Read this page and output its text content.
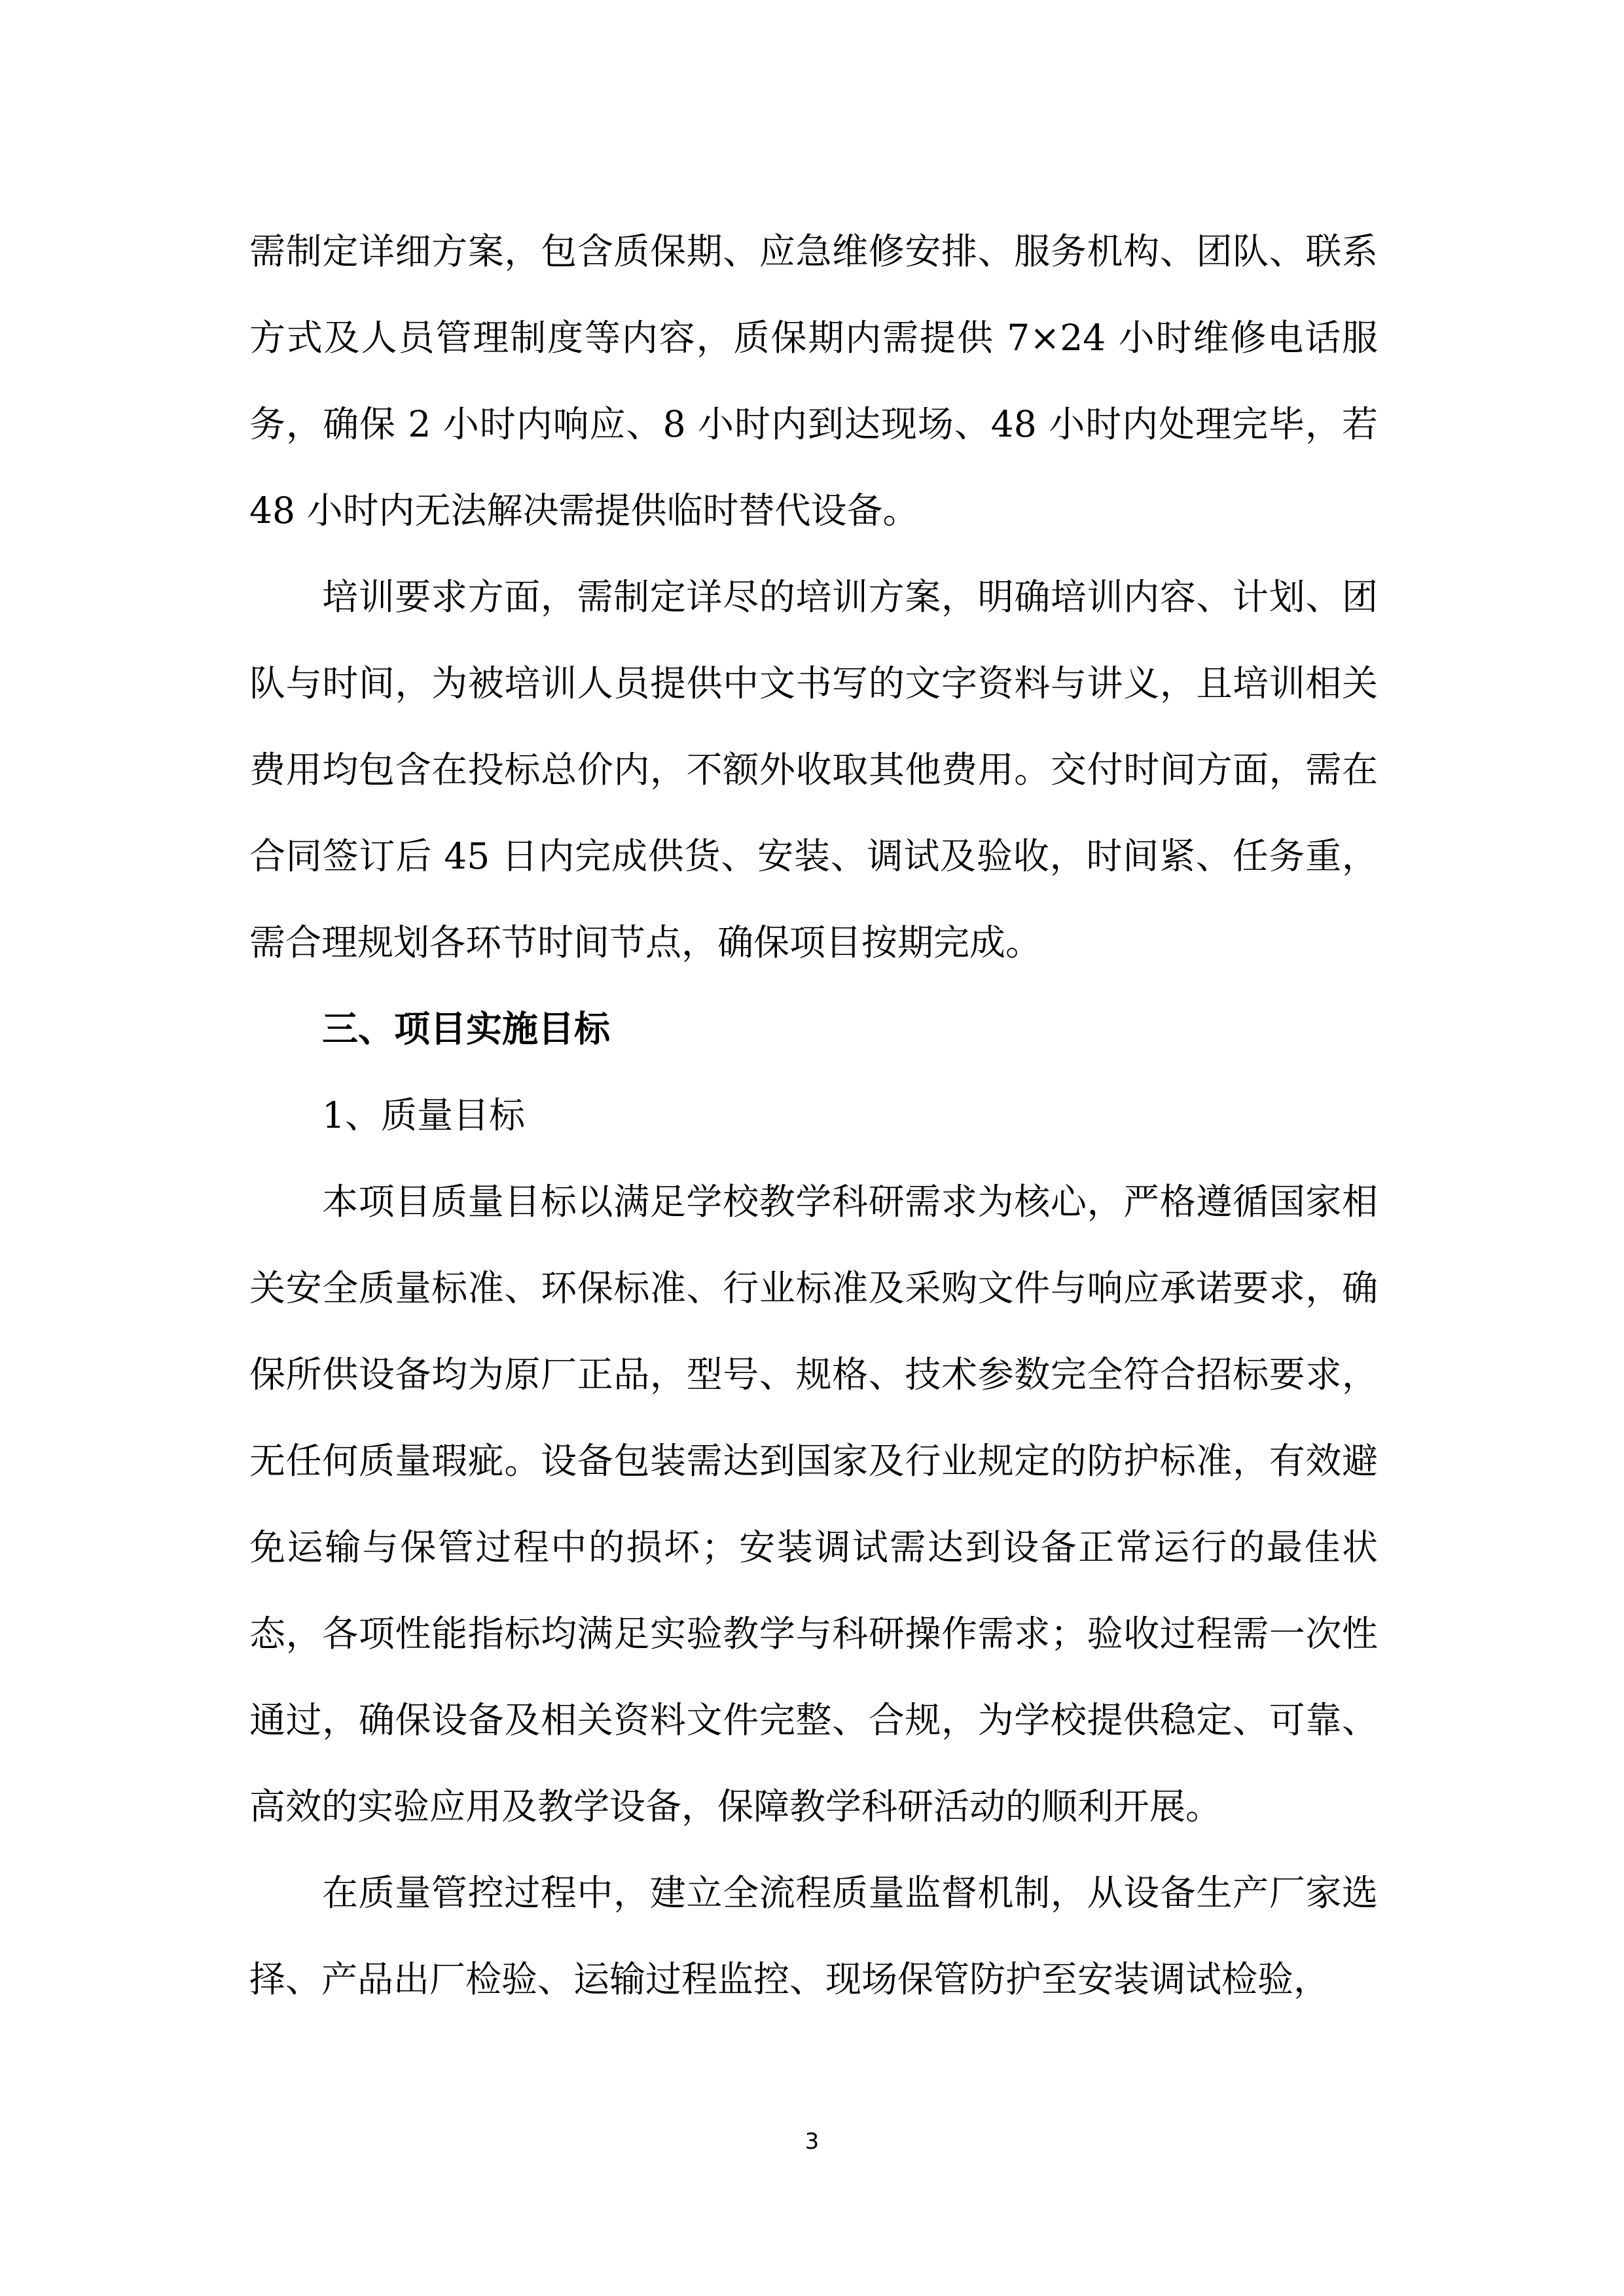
需制定详细方案，包含质保期、应急维修安排、服务机构、团队、联系方式及人员管理制度等内容，质保期内需提供 7×24 小时维修电话服务，确保 2 小时内响应、8 小时内到达现场、48 小时内处理完毕，若 48 小时内无法解决需提供临时替代设备。

培训要求方面，需制定详尽的培训方案，明确培训内容、计划、团队与时间，为被培训人员提供中文书写的文字资料与讲义，且培训相关费用均包含在投标总价内，不额外收取其他费用。交付时间方面，需在合同签订后 45 日内完成供货、安装、调试及验收，时间紧、任务重，需合理规划各环节时间节点，确保项目按期完成。

三、项目实施目标

1、质量目标

本项目质量目标以满足学校教学科研需求为核心，严格遵循国家相关安全质量标准、环保标准、行业标准及采购文件与响应承诺要求，确保所供设备均为原厂正品，型号、规格、技术参数完全符合招标要求，无任何质量瑕疵。设备包装需达到国家及行业规定的防护标准，有效避免运输与保管过程中的损坏；安装调试需达到设备正常运行的最佳状态，各项性能指标均满足实验教学与科研操作需求；验收过程需一次性通过，确保设备及相关资料文件完整、合规，为学校提供稳定、可靠、高效的实验应用及教学设备，保障教学科研活动的顺利开展。

在质量管控过程中，建立全流程质量监督机制，从设备生产厂家选择、产品出厂检验、运输过程监控、现场保管防护至安装调试检验，

3
